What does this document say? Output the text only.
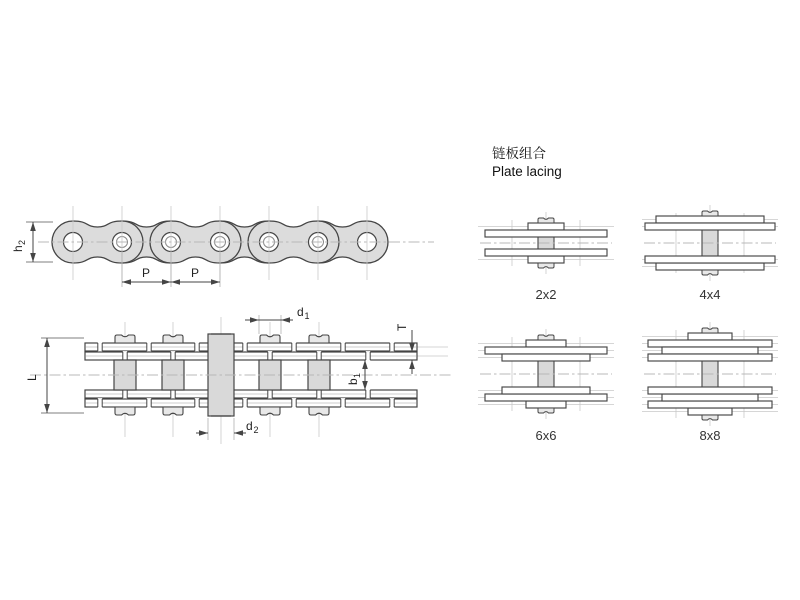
h
2
P	P
L
T
b
1
d 1
d 2
链板组合
Plate lacing
2x2	4x4
6x6	8x8
